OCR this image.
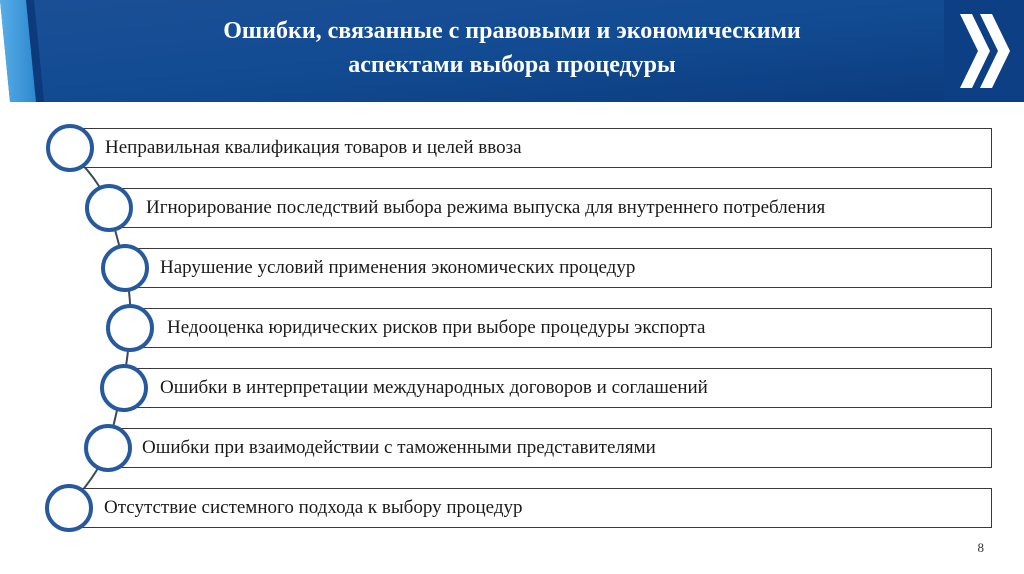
Ошибки, связанные с правовыми и экономическими
аспектами выбора процедуры
Неправильная квалификация товаров и целей ввоза
Игнорирование последствий выбора режима выпуска для внутреннего потребления
Нарушение условий применения экономических процедур
Недооценка юридических рисков при выборе процедуры экспорта
Ошибки в интерпретации международных договоров и соглашений
Ошибки при взаимодействии с таможенными представителями
Отсутствие системного подхода к выбору процедур
8
